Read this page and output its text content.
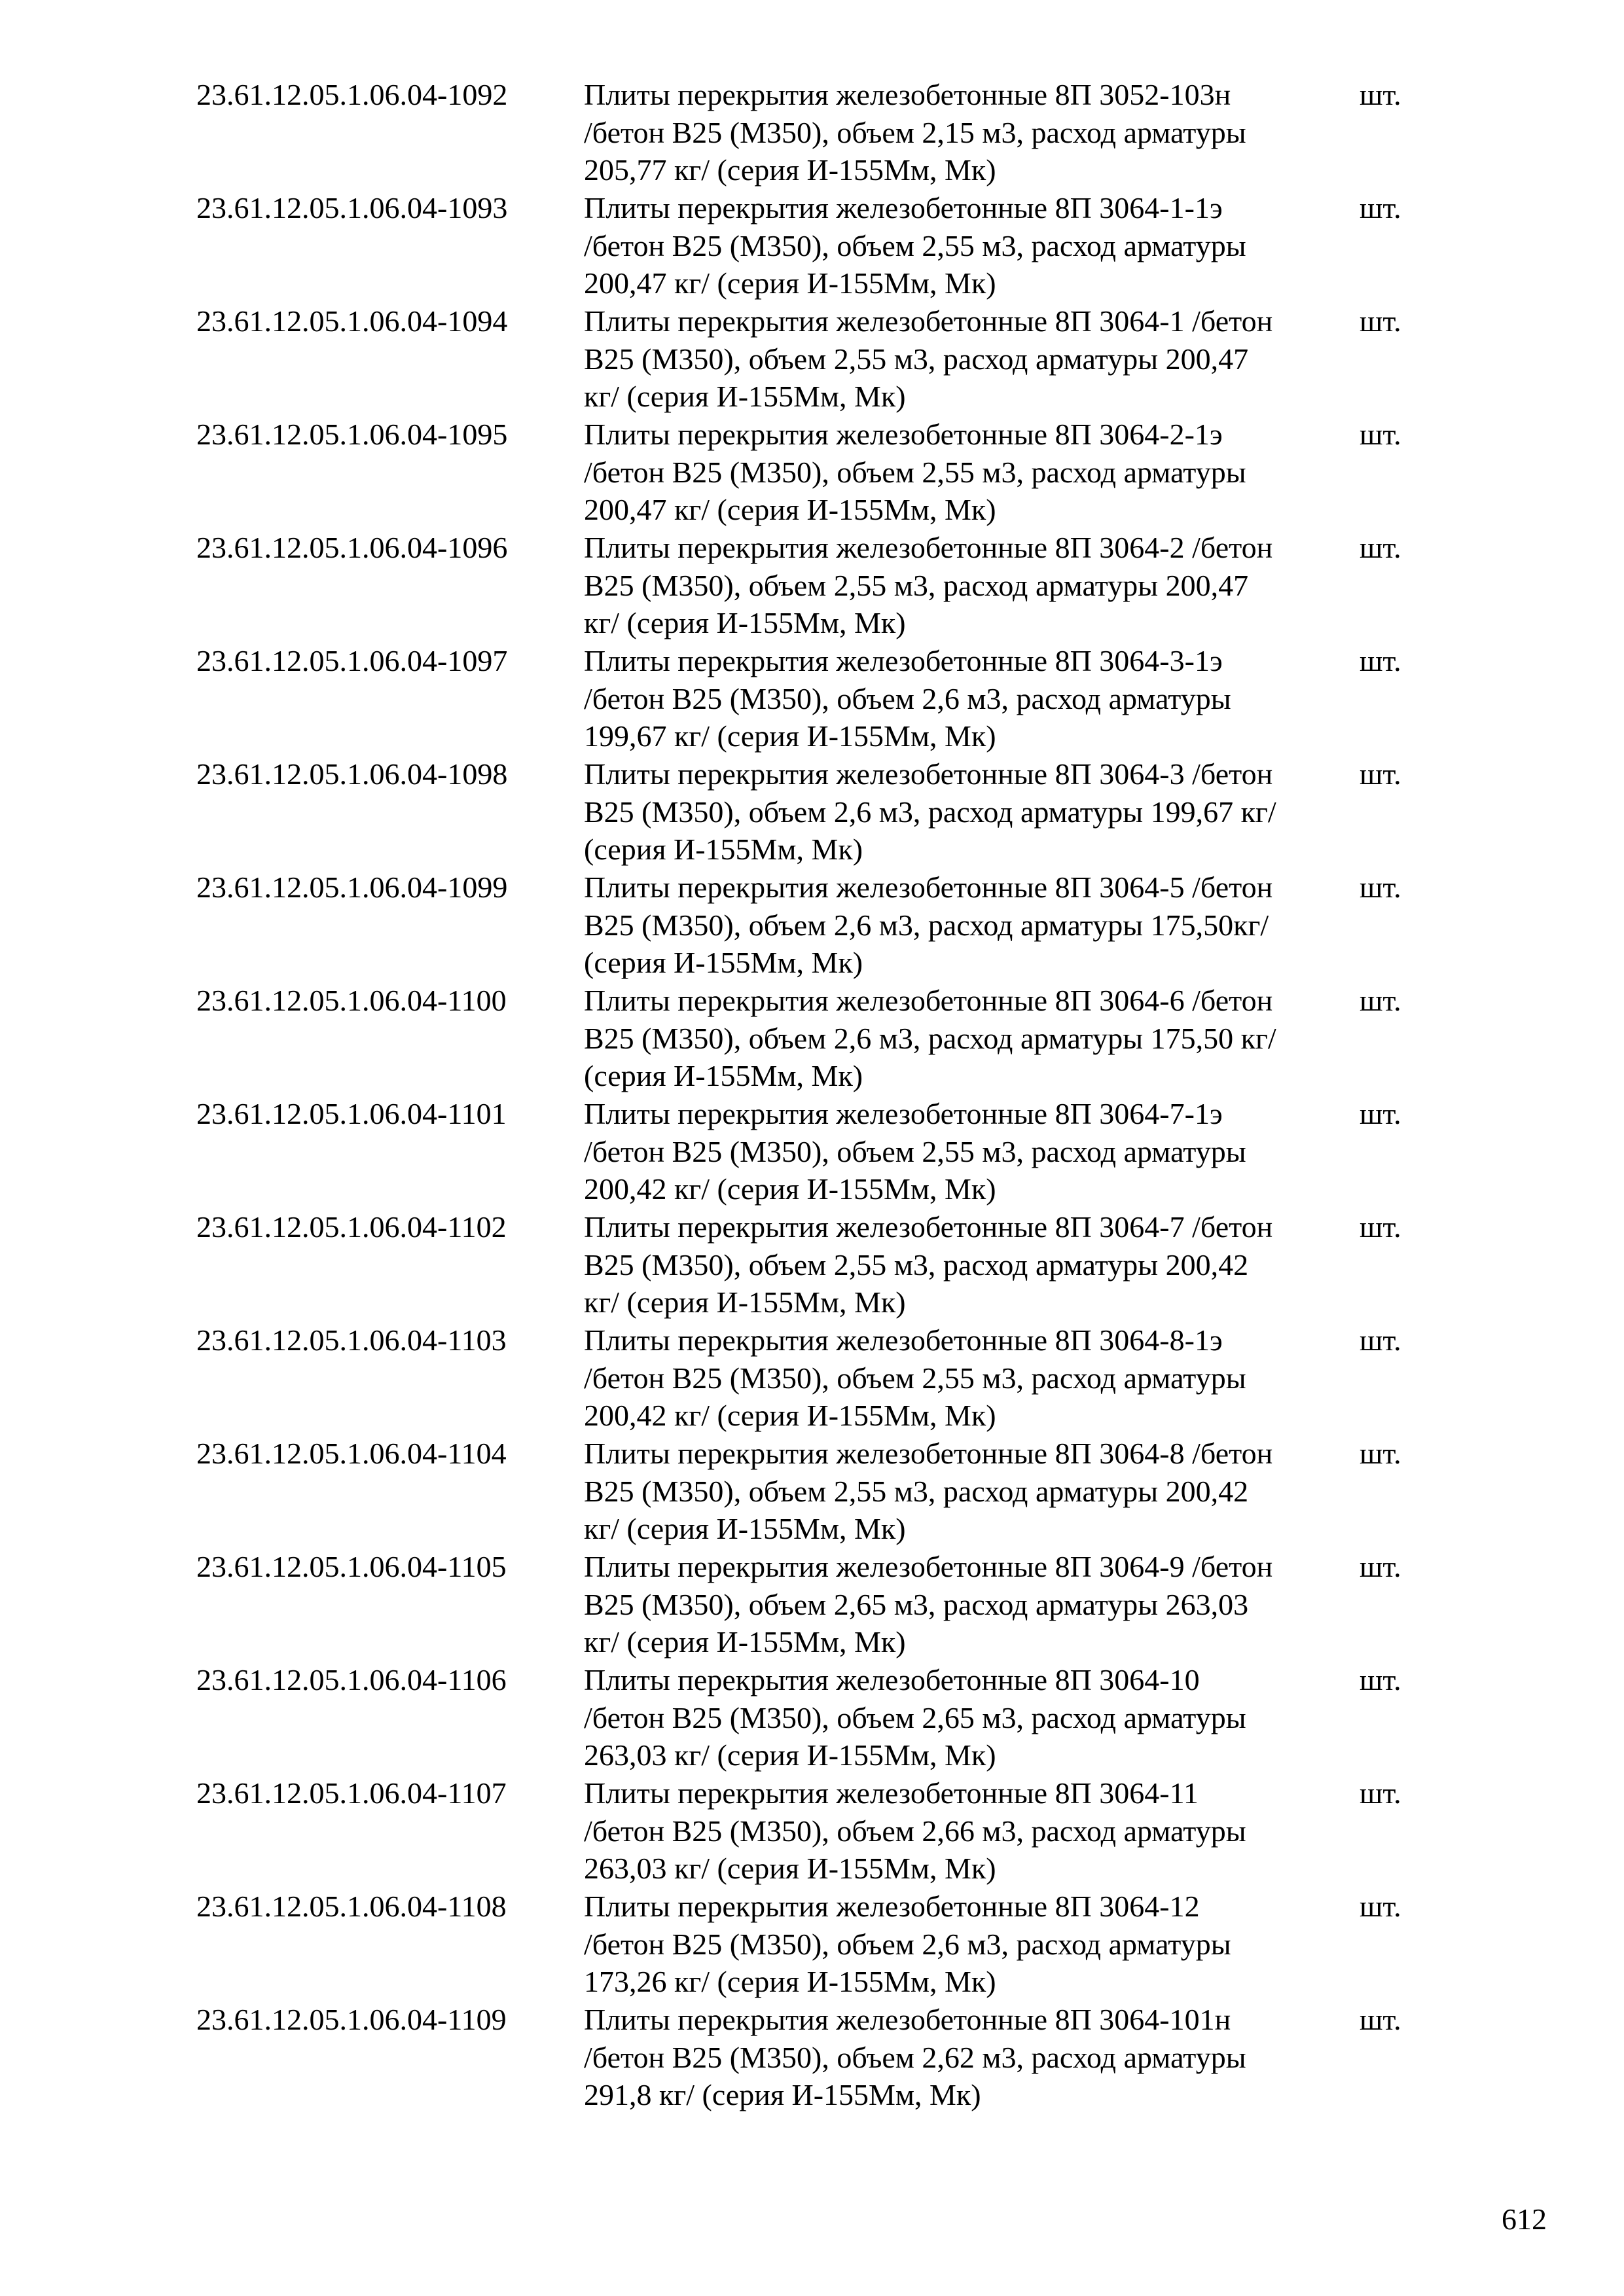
23.61.12.05.1.06.04-1092	Плиты перекрытия железобетонные 8П 3052-103н
/бетон В25 (М350), объем 2,15 м3, расход арматуры
205,77 кг/ (серия И-155Мм, Мк)
шт.
23.61.12.05.1.06.04-1093	Плиты перекрытия железобетонные 8П 3064-1-1э
/бетон В25 (М350), объем 2,55 м3, расход арматуры
200,47 кг/ (серия И-155Мм, Мк)
шт.
23.61.12.05.1.06.04-1094	Плиты перекрытия железобетонные 8П 3064-1 /бетон
В25 (М350), объем 2,55 м3, расход арматуры 200,47
кг/ (серия И-155Мм, Мк)
шт.
23.61.12.05.1.06.04-1095	Плиты перекрытия железобетонные 8П 3064-2-1э
/бетон В25 (М350), объем 2,55 м3, расход арматуры
200,47 кг/ (серия И-155Мм, Мк)
шт.
23.61.12.05.1.06.04-1096	Плиты перекрытия железобетонные 8П 3064-2 /бетон
В25 (М350), объем 2,55 м3, расход арматуры 200,47
кг/ (серия И-155Мм, Мк)
шт.
23.61.12.05.1.06.04-1097	Плиты перекрытия железобетонные 8П 3064-3-1э
/бетон В25 (М350), объем 2,6 м3, расход арматуры
199,67 кг/ (серия И-155Мм, Мк)
шт.
23.61.12.05.1.06.04-1098	Плиты перекрытия железобетонные 8П 3064-3 /бетон
В25 (М350), объем 2,6 м3, расход арматуры 199,67 кг/
(серия И-155Мм, Мк)
шт.
23.61.12.05.1.06.04-1099	Плиты перекрытия железобетонные 8П 3064-5 /бетон
В25 (М350), объем 2,6 м3, расход арматуры 175,50кг/
(серия И-155Мм, Мк)
шт.
23.61.12.05.1.06.04-1100	Плиты перекрытия железобетонные 8П 3064-6 /бетон
В25 (М350), объем 2,6 м3, расход арматуры 175,50 кг/
(серия И-155Мм, Мк)
шт.
23.61.12.05.1.06.04-1101	Плиты перекрытия железобетонные 8П 3064-7-1э
/бетон В25 (М350), объем 2,55 м3, расход арматуры
200,42 кг/ (серия И-155Мм, Мк)
шт.
23.61.12.05.1.06.04-1102	Плиты перекрытия железобетонные 8П 3064-7 /бетон
В25 (М350), объем 2,55 м3, расход арматуры 200,42
кг/ (серия И-155Мм, Мк)
шт.
23.61.12.05.1.06.04-1103	Плиты перекрытия железобетонные 8П 3064-8-1э
/бетон В25 (М350), объем 2,55 м3, расход арматуры
200,42 кг/ (серия И-155Мм, Мк)
шт.
23.61.12.05.1.06.04-1104	Плиты перекрытия железобетонные 8П 3064-8 /бетон
В25 (М350), объем 2,55 м3, расход арматуры 200,42
кг/ (серия И-155Мм, Мк)
шт.
23.61.12.05.1.06.04-1105	Плиты перекрытия железобетонные 8П 3064-9 /бетон
В25 (М350), объем 2,65 м3, расход арматуры 263,03
кг/ (серия И-155Мм, Мк)
шт.
23.61.12.05.1.06.04-1106	Плиты перекрытия железобетонные 8П 3064-10
/бетон В25 (М350), объем 2,65 м3, расход арматуры
263,03 кг/ (серия И-155Мм, Мк)
шт.
23.61.12.05.1.06.04-1107	Плиты перекрытия железобетонные 8П 3064-11
/бетон В25 (М350), объем 2,66 м3, расход арматуры
263,03 кг/ (серия И-155Мм, Мк)
шт.
23.61.12.05.1.06.04-1108	Плиты перекрытия железобетонные 8П 3064-12
/бетон В25 (М350), объем 2,6 м3, расход арматуры
173,26 кг/ (серия И-155Мм, Мк)
шт.
23.61.12.05.1.06.04-1109	Плиты перекрытия железобетонные 8П 3064-101н
/бетон В25 (М350), объем 2,62 м3, расход арматуры
291,8 кг/ (серия И-155Мм, Мк)
шт.
612
